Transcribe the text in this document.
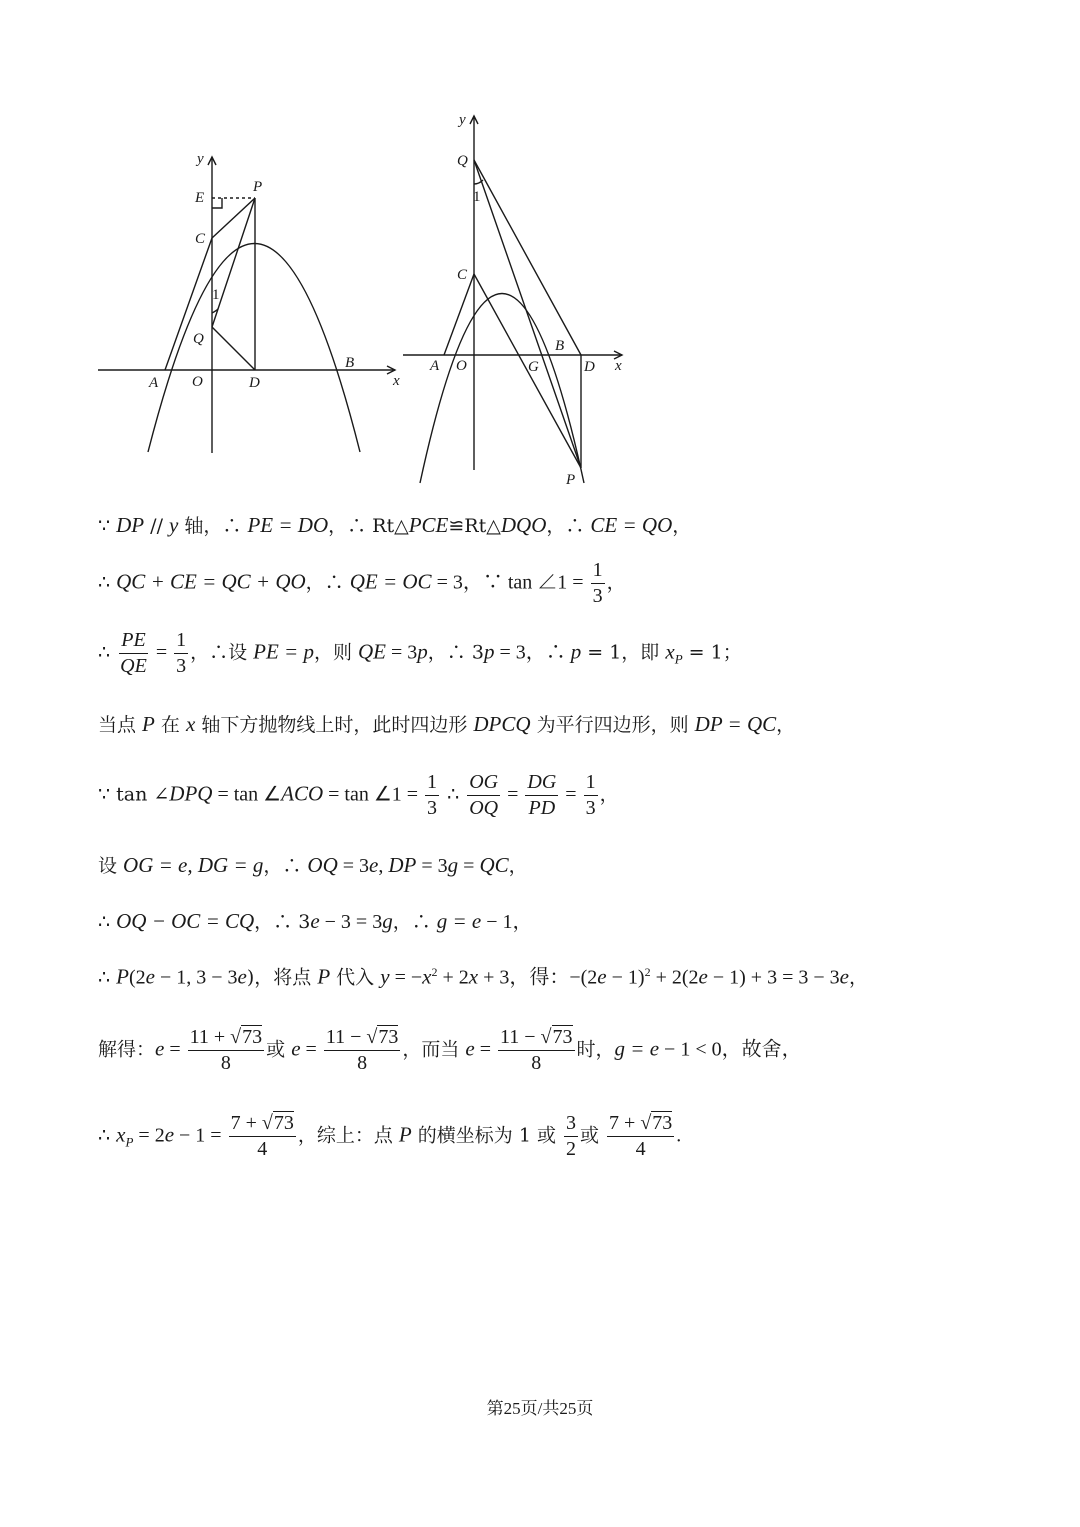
y
x
E
P
C
Q
O
A	D
B
1
y
x
Q
1
C
A O	G
B
D
P
∵ DP // y 轴，∴ PE = DO，∴ Rt△PCE≌Rt△DQO，∴ CE = QO，
∴ QC + CE = QC + QO，∴ QE = OC = 3，∵ tan ∠1 = $\frac{1}{3}$ ，
∴ $\frac{PE}{QE} = \frac{1}{3}$ ，∴设 PE = p，则 QE = 3p，∴ 3p = 3，∴ p = 1，即 $x_P = 1$；
当点 P 在 x 轴下方抛物线上时，此时四边形 DPCQ 为平行四边形，则 DP = QC，
∵ tan ∠DPQ = tan ∠ACO = tan ∠1 = $\frac{1}{3}$ ∴ $\frac{OG}{OQ} = \frac{DG}{PD} = \frac{1}{3}$ ，
设 OG = e, DG = g，∴ OQ = 3e, DP = 3g = QC，
∴ OQ − OC = CQ，∴ 3e − 3 = 3g，∴ g = e − 1，
∴ P(2e − 1, 3 − 3e)，将点 P 代入 $y = -x^2 + 2x + 3$，得：$-(2e - 1)^2 + 2(2e - 1) + 3 = 3 - 3e$，
解得：$e = \frac{11 + √73}{8}$ 或 $e = \frac{11 - √73}{8}$ ，而当 $e = \frac{11 - √73}{8}$ 时，g = e − 1 < 0，故舍，
∴ $x_P = 2e - 1 = \frac{7 + √73}{4}$ ，综上：点 P 的横坐标为 1 或 $\frac{3}{2}$ 或 $\frac{7 + √73}{4}$ .
第25页/共25页
